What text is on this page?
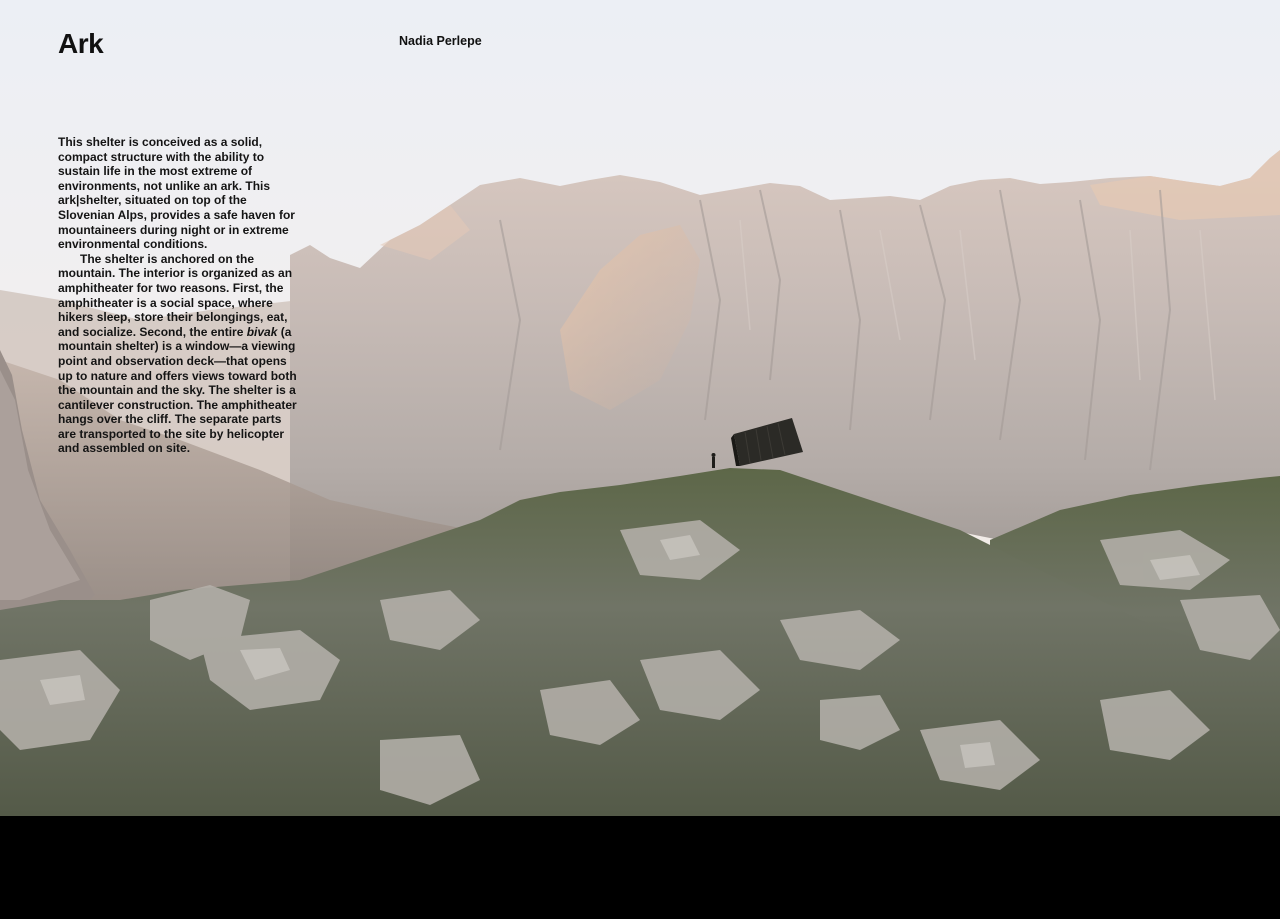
Ark	Nadia Perlepe

This shelter is conceived as a solid, compact structure with the ability to sustain life in the most extreme of environments, not unlike an ark. This ark|shelter, situated on top of the Slovenian Alps, provides a safe haven for mountaineers during night or in extreme environmental conditions.

The shelter is anchored on the mountain. The interior is organized as an amphitheater for two reasons. First, the amphitheater is a social space, where hikers sleep, store their belongings, eat, and socialize. Second, the entire bivak (a mountain shelter) is a window—a viewing point and observation deck—that opens up to nature and offers views toward both the mountain and the sky. The shelter is a cantilever construction. The amphitheater hangs over the cliff. The separate parts are transported to the site by helicopter and assembled on site.
